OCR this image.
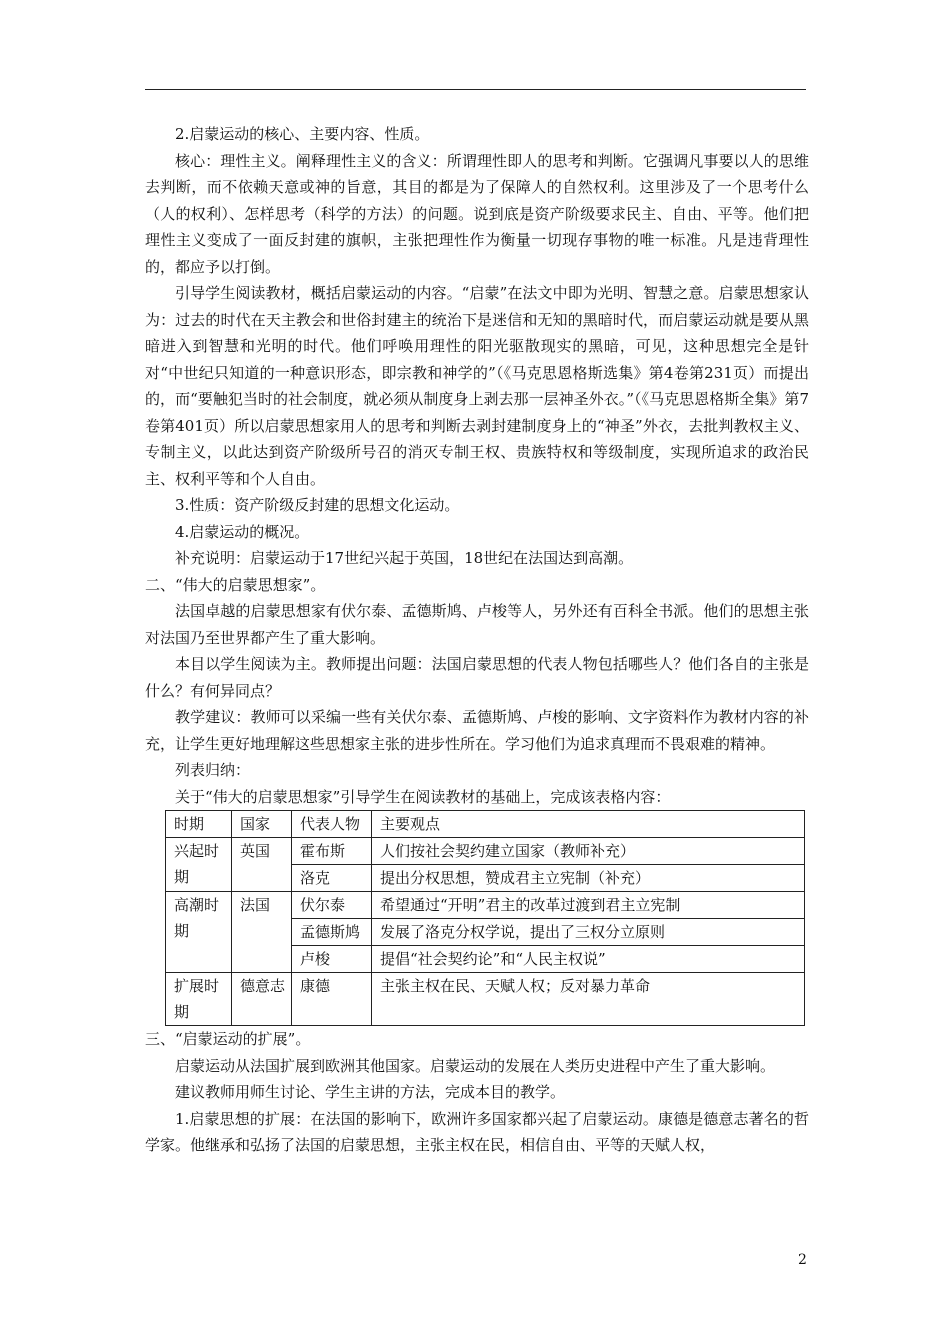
2.启蒙运动的核心、主要内容、性质。

核心：理性主义。阐释理性主义的含义：所谓理性即人的思考和判断。它强调凡事要以人的思维去判断，而不依赖天意或神的旨意，其目的都是为了保障人的自然权利。这里涉及了一个思考什么（人的权利）、怎样思考（科学的方法）的问题。说到底是资产阶级要求民主、自由、平等。他们把理性主义变成了一面反封建的旗帜，主张把理性作为衡量一切现存事物的唯一标准。凡是违背理性的，都应予以打倒。

引导学生阅读教材，概括启蒙运动的内容。“启蒙”在法文中即为光明、智慧之意。启蒙思想家认为：过去的时代在天主教会和世俗封建主的统治下是迷信和无知的黑暗时代，而启蒙运动就是要从黑暗进入到智慧和光明的时代。他们呼唤用理性的阳光驱散现实的黑暗，可见，这种思想完全是针对“中世纪只知道的一种意识形态，即宗教和神学的”（《马克思恩格斯选集》第4卷第231页）而提出的，而“要触犯当时的社会制度，就必须从制度身上剥去那一层神圣外衣。”（《马克思恩格斯全集》第7卷第401页）所以启蒙思想家用人的思考和判断去剥封建制度身上的“神圣”外衣，去批判教权主义、专制主义，以此达到资产阶级所号召的消灭专制王权、贵族特权和等级制度，实现所追求的政治民主、权利平等和个人自由。

3.性质：资产阶级反封建的思想文化运动。

4.启蒙运动的概况。

补充说明：启蒙运动于17世纪兴起于英国，18世纪在法国达到高潮。

二、“伟大的启蒙思想家”。

法国卓越的启蒙思想家有伏尔泰、孟德斯鸠、卢梭等人，另外还有百科全书派。他们的思想主张对法国乃至世界都产生了重大影响。

本目以学生阅读为主。教师提出问题：法国启蒙思想的代表人物包括哪些人？他们各自的主张是什么？有何异同点？

教学建议：教师可以采编一些有关伏尔泰、孟德斯鸠、卢梭的影响、文字资料作为教材内容的补充，让学生更好地理解这些思想家主张的进步性所在。学习他们为追求真理而不畏艰难的精神。

列表归纳：

关于“伟大的启蒙思想家”引导学生在阅读教材的基础上，完成该表格内容：

时期	国家	代表人物	主要观点
兴起时期	英国	霍布斯	人们按社会契约建立国家（教师补充）
		洛克	提出分权思想，赞成君主立宪制（补充）
高潮时期	法国	伏尔泰	希望通过“开明”君主的改革过渡到君主立宪制
		孟德斯鸠	发展了洛克分权学说，提出了三权分立原则
		卢梭	提倡“社会契约论”和“人民主权说”
扩展时期	德意志	康德	主张主权在民、天赋人权；反对暴力革命

三、“启蒙运动的扩展”。

启蒙运动从法国扩展到欧洲其他国家。启蒙运动的发展在人类历史进程中产生了重大影响。

建议教师用师生讨论、学生主讲的方法，完成本目的教学。

1.启蒙思想的扩展：在法国的影响下，欧洲许多国家都兴起了启蒙运动。康德是德意志著名的哲学家。他继承和弘扬了法国的启蒙思想，主张主权在民，相信自由、平等的天赋人权，

2
